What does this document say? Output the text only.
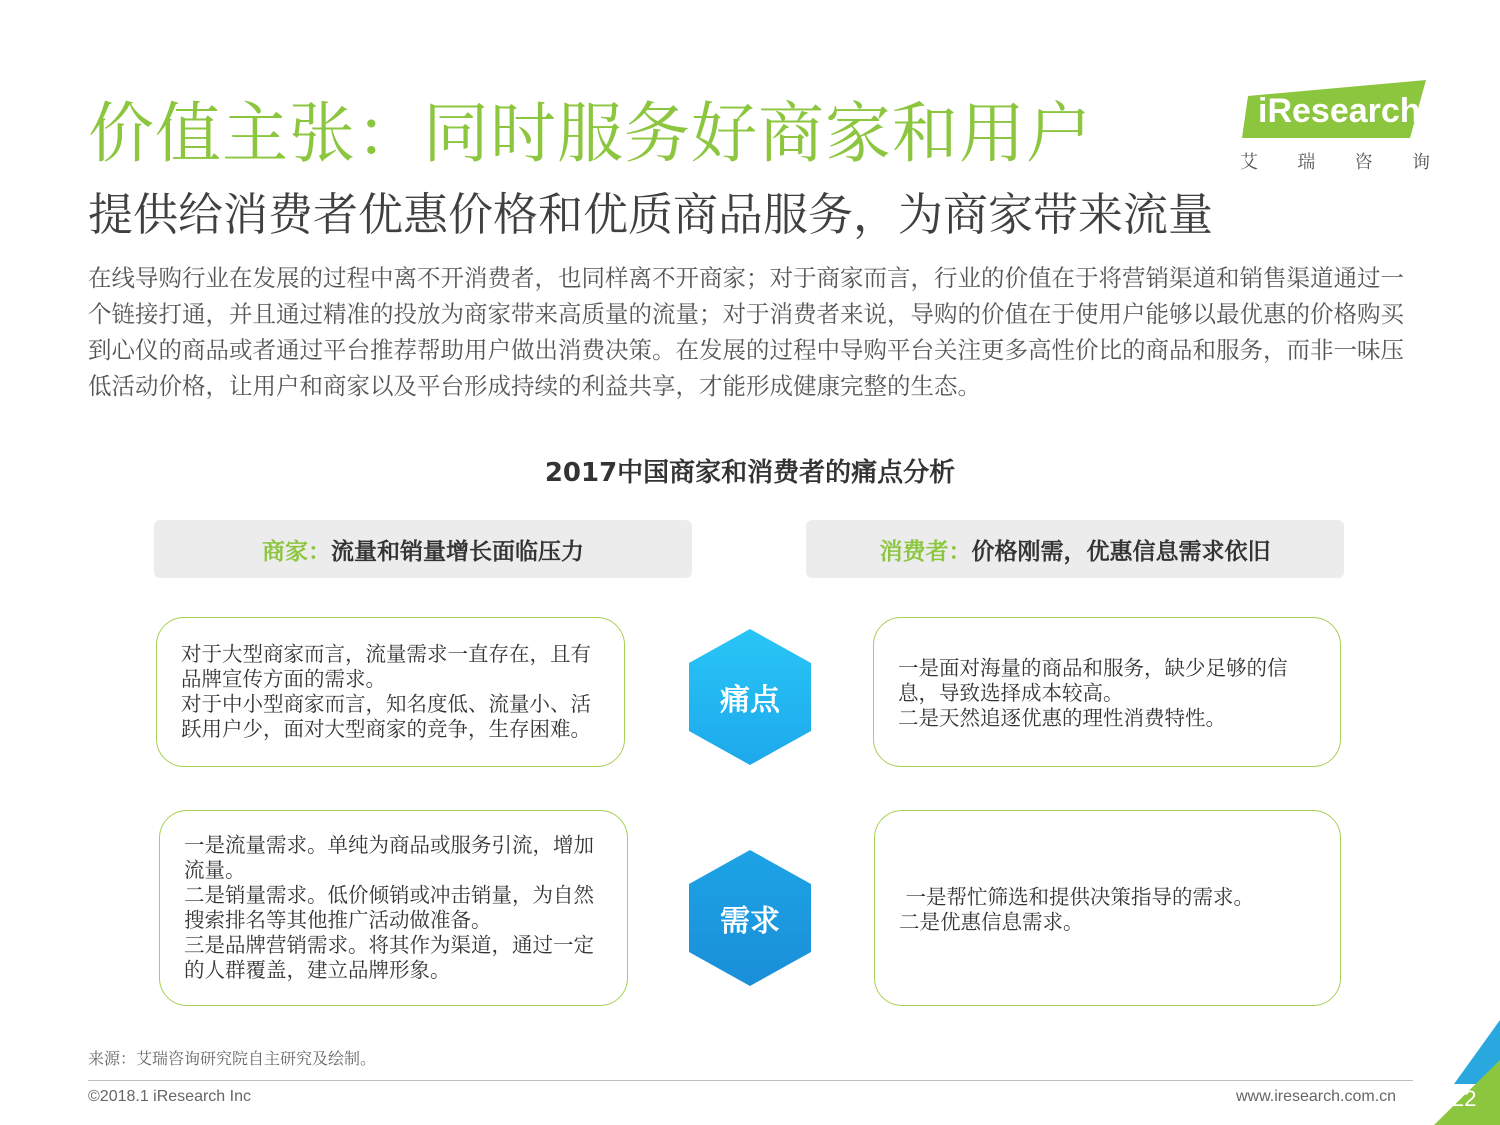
价值主张：同时服务好商家和用户
提供给消费者优惠价格和优质商品服务，为商家带来流量
iResearch
艾 瑞 咨 询
在线导购行业在发展的过程中离不开消费者，也同样离不开商家；对于商家而言，行业的价值在于将营销渠道和销售渠道通过一个链接打通，并且通过精准的投放为商家带来高质量的流量；对于消费者来说，导购的价值在于使用户能够以最优惠的价格购买到心仪的商品或者通过平台推荐帮助用户做出消费决策。在发展的过程中导购平台关注更多高性价比的商品和服务，而非一味压低活动价格，让用户和商家以及平台形成持续的利益共享，才能形成健康完整的生态。
2017中国商家和消费者的痛点分析
商家： 流量和销量增长面临压力	消费者： 价格刚需，优惠信息需求依旧
对于大型商家而言，流量需求一直存在，且有
品牌宣传方面的需求。
对于中小型商家而言，知名度低、流量小、活
跃用户少，面对大型商家的竞争，生存困难。
痛点
一是面对海量的商品和服务，缺少足够的信
息，导致选择成本较高。
二是天然追逐优惠的理性消费特性。
一是流量需求。单纯为商品或服务引流，增加
流量。
二是销量需求。低价倾销或冲击销量，为自然
搜索排名等其他推广活动做准备。
三是品牌营销需求。将其作为渠道，通过一定
的人群覆盖，建立品牌形象。
需求
一是帮忙筛选和提供决策指导的需求。
二是优惠信息需求。
来源：艾瑞咨询研究院自主研究及绘制。
©2018.1 iResearch Inc	www.iresearch.com.cn	22
